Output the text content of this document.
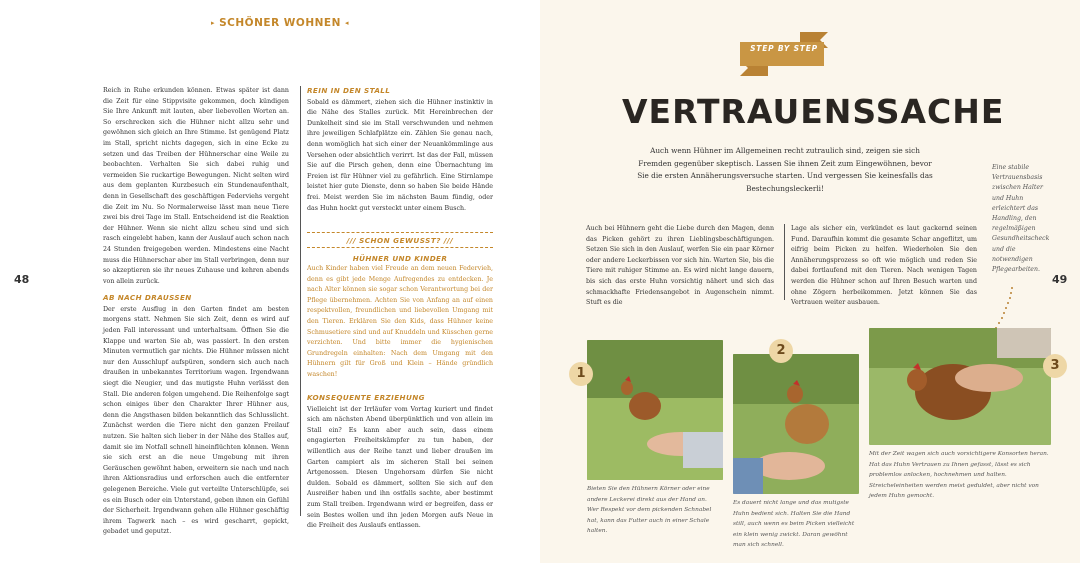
▸ SCHÖNER WOHNEN ◂

Reich in Ruhe erkunden können. Etwas später ist dann die Zeit für eine Stippvisite gekommen, doch kündigen Sie Ihre Ankunft mit lauten, aber liebevollen Worten an. So erschrecken sich die Hühner nicht allzu sehr und gewöhnen sich gleich an Ihre Stimme. Ist genügend Platz im Stall, spricht nichts dagegen, sich in eine Ecke zu setzen und das Treiben der Hühnerschar eine Weile zu beobachten. Verhalten Sie sich dabei ruhig und vermeiden Sie ruckartige Bewegungen. Nicht selten wird aus dem geplanten Kurzbesuch ein Stundenaufenthalt, denn in Gesellschaft des geschäftigen Federviehs vergeht die Zeit im Nu. So Normalerweise lässt man neue Tiere zwei bis drei Tage im Stall. Entscheidend ist die Reaktion der Hühner. Wenn sie nicht allzu scheu sind und sich rasch eingelebt haben, kann der Auslauf auch schon nach 24 Stunden freigegeben werden. Mindestens eine Nacht muss die Hühnerschar aber im Stall verbringen, denn nur so akzeptieren sie ihr neues Zuhause und kehren abends von allein zurück.

AB NACH DRAUSSEN

Der erste Ausflug in den Garten findet am besten morgens statt. Nehmen Sie sich Zeit, denn es wird auf jeden Fall interessant und unterhaltsam. Öffnen Sie die Klappe und warten Sie ab, was passiert. In den ersten Minuten vermutlich gar nichts. Die Hühner müssen nicht nur den Ausschlupf aufspüren, sondern sich auch nach draußen in unbekanntes Territorium wagen. Irgendwann siegt die Neugier, und das mutigste Huhn verlässt den Stall. Die anderen folgen umgehend. Die Reihenfolge sagt schon einiges über den Charakter Ihrer Hühner aus, denn die Angsthasen bilden bekanntlich das Schlusslicht. Zunächst werden die Tiere nicht den ganzen Freilauf nutzen. Sie halten sich lieber in der Nähe des Stalles auf, damit sie im Notfall schnell hineinflüchten können. Wenn sie sich erst an die neue Umgebung mit ihren Geräuschen gewöhnt haben, erweitern sie nach und nach ihren Aktionsradius und erforschen auch die entfernter gelegenen Bereiche. Viele gut verteilte Unterschlüpfe, sei es ein Busch oder ein Unterstand, geben ihnen ein Gefühl der Sicherheit. Irgendwann gehen alle Hühner geschäftig ihrem Tagwerk nach – es wird gescharrt, gepickt, gebadet und geputzt.

REIN IN DEN STALL

Sobald es dämmert, ziehen sich die Hühner instinktiv in die Nähe des Stalles zurück. Mit Hereinbrechen der Dunkelheit sind sie im Stall verschwunden und nehmen ihre jeweiligen Schlafplätze ein. Zählen Sie genau nach, denn womöglich hat sich einer der Neuankömmlinge aus Versehen oder absichtlich verirrt. Ist das der Fall, müssen Sie auf die Pirsch gehen, denn eine Übernachtung im Freien ist für Hühner viel zu gefährlich. Eine Stirnlampe leistet hier gute Dienste, denn so haben Sie beide Hände frei. Meist werden Sie im nächsten Baum fündig, oder das Huhn hockt gut versteckt unter einem Busch.

/// SCHON GEWUSST? ///
HÜHNER UND KINDER
Auch Kinder haben viel Freude an dem neuen Federvieh, denn es gibt jede Menge Aufregendes zu entdecken. Je nach Alter können sie sogar schon Verantwortung bei der Pflege übernehmen. Achten Sie von Anfang an auf einen respektvollen, freundlichen und liebevollen Umgang mit den Tieren. Erklären Sie den Kids, dass Hühner keine Schmusetiere sind und auf Knuddeln und Küsschen gerne verzichten. Und bitte immer die hygienischen Grundregeln einhalten: Nach dem Umgang mit den Hühnern gilt für Groß und Klein – Hände gründlich waschen!
KONSEQUENTE ERZIEHUNG

Vielleicht ist der Irrläufer vom Vortag kuriert und findet sich am nächsten Abend überpünktlich und von allein im Stall ein? Es kann aber auch sein, dass einem engagierten Freiheitskämpfer zu tun haben, der willentlich aus der Reihe tanzt und lieber draußen im Garten campiert als im sicheren Stall bei seinen Artgenossen. Diesen Ungehorsam dürfen Sie nicht dulden. Sobald es dämmert, sollten Sie sich auf den Ausreißer haben und ihn ostfalls sachte, aber bestimmt zum Stall treiben. Irgendwann wird er begreifen, dass er sein Bestes wollen und ihn jeden Morgen aufs Neue in die Freiheit des Auslaufs entlassen.

48
STEP BY STEP
VERTRAUENSSACHE
Auch wenn Hühner im Allgemeinen recht zutraulich sind, zeigen sie sich Fremden gegenüber skeptisch. Lassen Sie ihnen Zeit zum Eingewöhnen, bevor Sie die ersten Annäherungsversuche starten. Und vergessen Sie keinesfalls das Bestechungsleckerli!
Auch bei Hühnern geht die Liebe durch den Magen, denn das Picken gehört zu ihren Lieblingsbeschäftigungen. Setzen Sie sich in den Auslauf, werfen Sie ein paar Körner oder andere Leckerbissen vor sich hin. Warten Sie, bis die Tiere mit ruhiger Stimme an. Es wird nicht lange dauern, bis sich das erste Huhn vorsichtig nähert und sich das schmackhafte Friedensangebot in Augenschein nimmt. Stuft es die
Lage als sicher ein, verkündet es laut gackernd seinen Fund. Daraufhin kommt die gesamte Schar angeflitzt, um eifrig beim Picken zu helfen. Wiederholen Sie den Annäherungsprozess so oft wie möglich und reden Sie dabei fortlaufend mit den Tieren. Nach wenigen Tagen werden die Hühner schon auf Ihren Besuch warten und ohne Zögern herbeikommen. Jetzt können Sie das Vertrauen weiter ausbauen.
Eine stabile Vertrauensbasis zwischen Halter und Huhn erleichtert das Handling, den regelmäßigen Gesundheitscheck und die notwendigen Pflegearbeiten.
1
Bieten Sie den Hühnern Körner oder eine andere Leckerei direkt aus der Hand an. Wer Respekt vor dem pickenden Schnabel hat, kann das Futter auch in einer Schale halten.
2
Es dauert nicht lange und das mutigste Huhn bedient sich. Halten Sie die Hand still, auch wenn es beim Picken vielleicht ein klein wenig zwickt. Daran gewöhnt man sich schnell.
3
Mit der Zeit wagen sich auch vorsichtigere Konsorten heran. Hat das Huhn Vertrauen zu Ihnen gefasst, lässt es sich problemlos anlocken, hochnehmen und halten. Streicheleinheiten werden meist geduldet, aber nicht von jedem Huhn gemocht.
49
